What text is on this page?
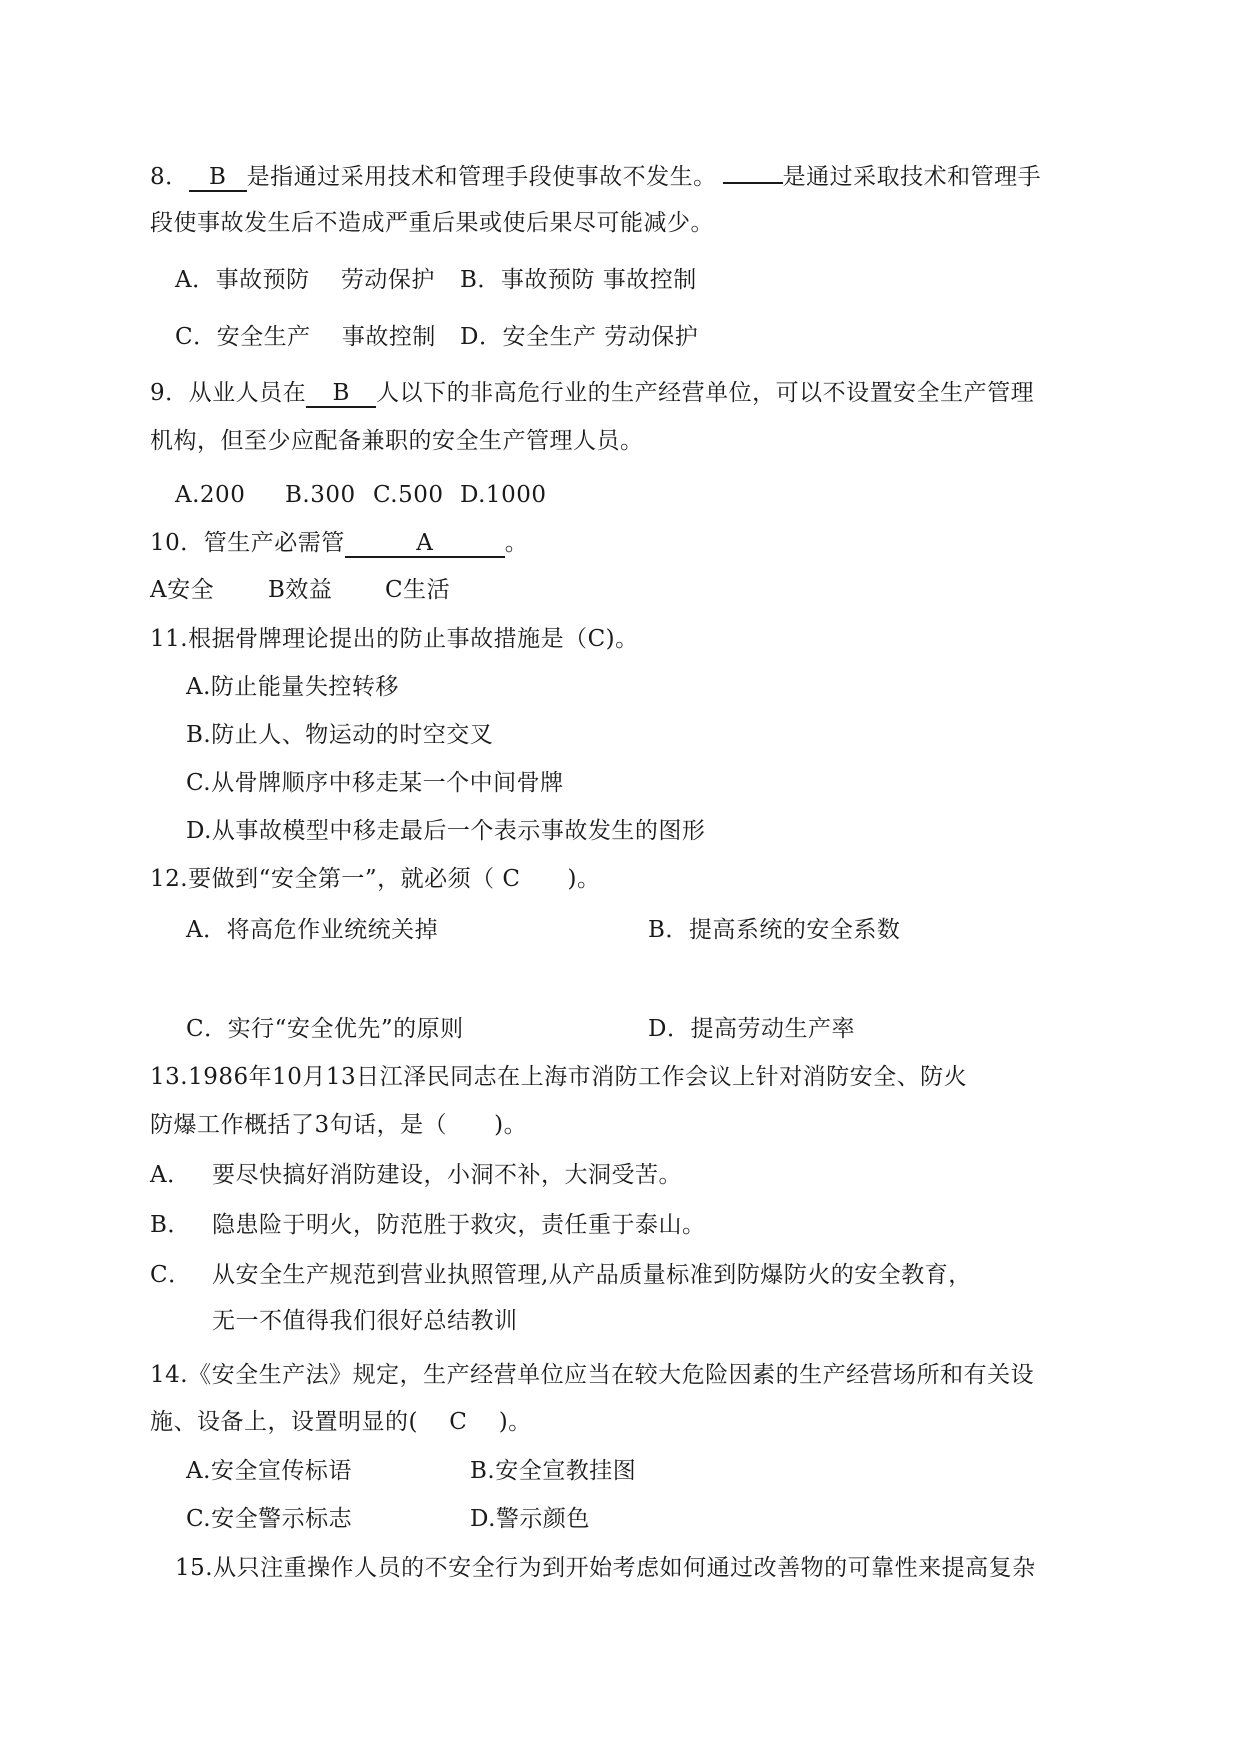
8． B 是指通过采用技术和管理手段使事故不发生。	是通过采取技术和管理手
段使事故发生后不造成严重后果或使后果尽可能减少。
A．事故预防　 劳动保护 B．事故预防 事故控制
C．安全生产　 事故控制 D．安全生产 劳动保护
9．从业人员在 B 人以下的非高危行业的生产经营单位，可以不设置安全生产管理
机构，但至少应配备兼职的安全生产管理人员。
A.200 B.300 C.500 D.1000
10．管生产必需管	A	。
A安全 B效益 C生活
11.根据骨牌理论提出的防止事故措施是（C)。
A.防止能量失控转移
B.防止人、物运动的时空交叉
C.从骨牌顺序中移走某一个中间骨牌
D.从事故模型中移走最后一个表示事故发生的图形
12.要做到“安全第一”，就必须（ C　　)。
A．将高危作业统统关掉	B．提高系统的安全系数
C．实行“安全优先”的原则	D．提高劳动生产率
13.1986年10月13日江泽民同志在上海市消防工作会议上针对消防安全、防火
防爆工作概括了3句话，是（　　)。
A． 要尽快搞好消防建设，小洞不补，大洞受苦。
B． 隐患险于明火，防范胜于救灾，责任重于泰山。
C． 从安全生产规范到营业执照管理,从产品质量标准到防爆防火的安全教育，
无一不值得我们很好总结教训
14.《安全生产法》规定，生产经营单位应当在较大危险因素的生产经营场所和有关设
施、设备上，设置明显的(　 C　 )。
A.安全宣传标语	B.安全宣教挂图
C.安全警示标志	D.警示颜色
15.从只注重操作人员的不安全行为到开始考虑如何通过改善物的可靠性来提高复杂
